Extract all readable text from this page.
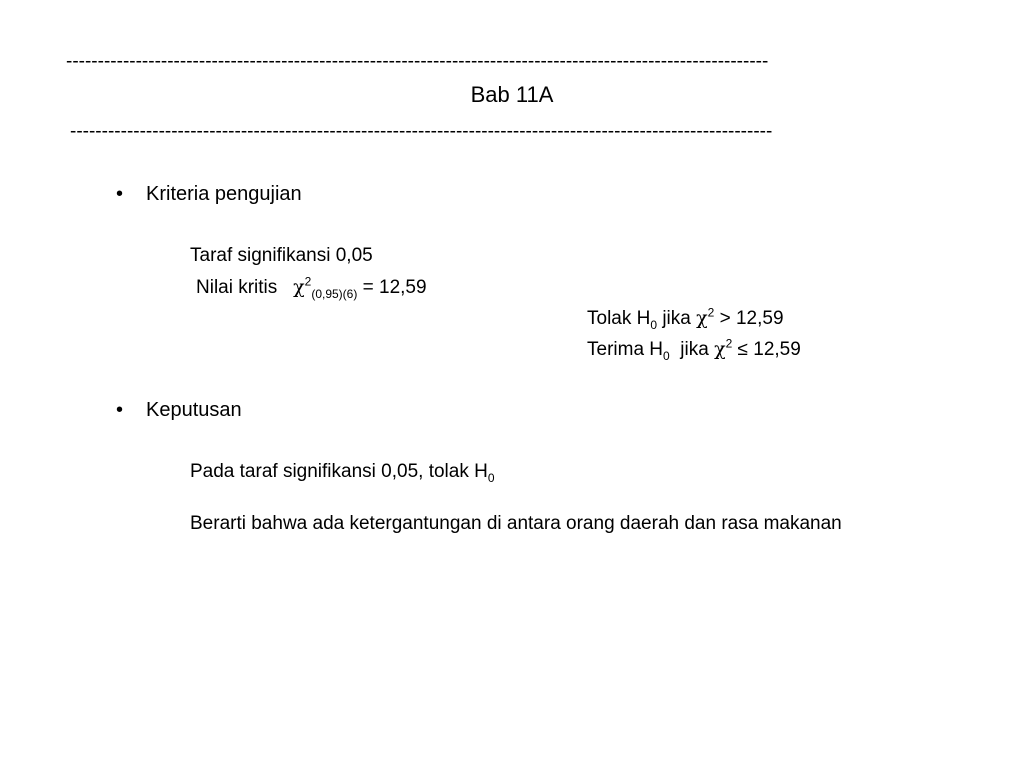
---------------------------------------------------------------------------------------------------------------
Bab 11A
---------------------------------------------------------------------------------------------------------------
• Kriteria pengujian
Taraf signifikansi 0,05
Nilai kritis $\chi^2_{(0,95)(6)} = 12,59$
Tolak $H_0$ jika $\chi^2 > 12,59$
Terima $H_0$  jika $\chi^2 \le 12,59$
• Keputusan
Pada taraf signifikansi 0,05, tolak $H_0$
Berarti bahwa ada ketergantungan di antara orang daerah dan rasa makanan
